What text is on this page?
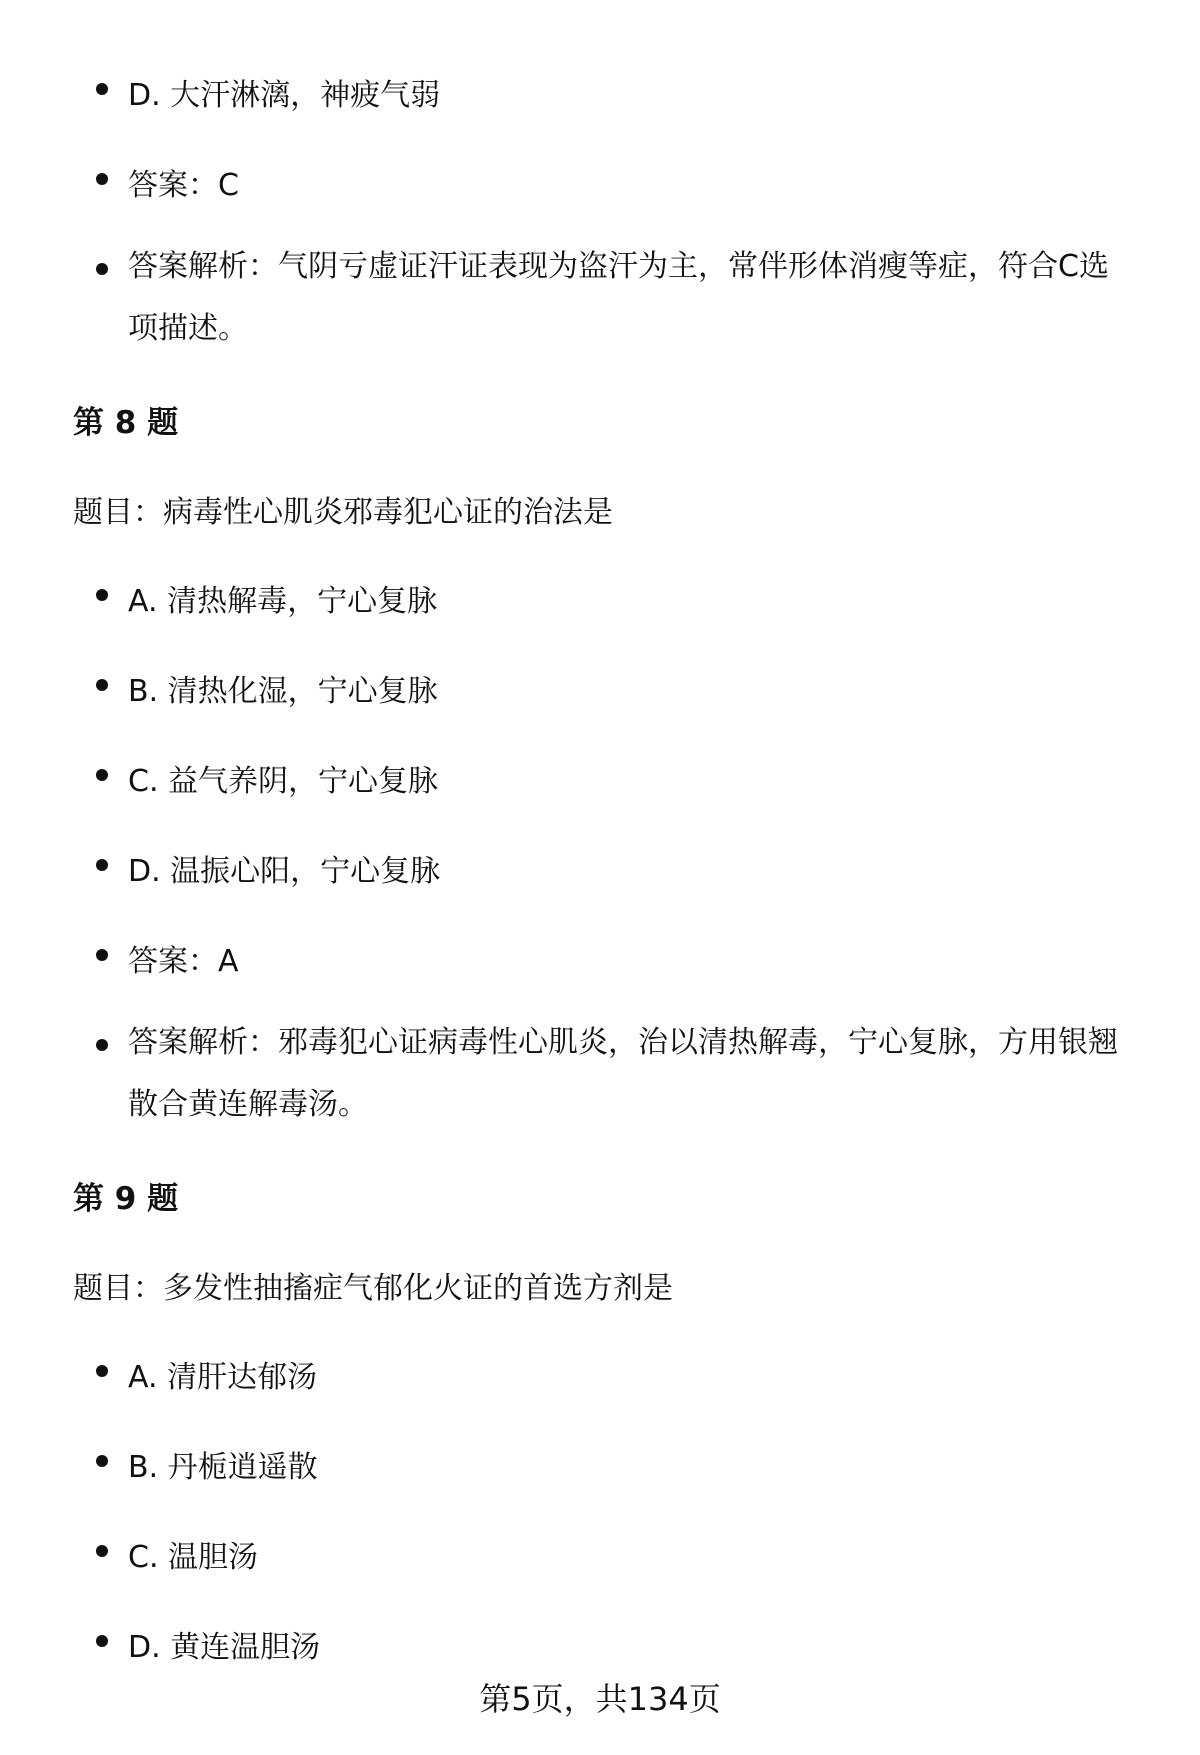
D. 大汗淋漓，神疲气弱
答案：C
答案解析：气阴亏虚证汗证表现为盗汗为主，常伴形体消瘦等症，符合C选项描述。
第 8 题
题目：病毒性心肌炎邪毒犯心证的治法是
A. 清热解毒，宁心复脉
B. 清热化湿，宁心复脉
C. 益气养阴，宁心复脉
D. 温振心阳，宁心复脉
答案：A
答案解析：邪毒犯心证病毒性心肌炎，治以清热解毒，宁心复脉，方用银翘散合黄连解毒汤。
第 9 题
题目：多发性抽搐症气郁化火证的首选方剂是
A. 清肝达郁汤
B. 丹栀逍遥散
C. 温胆汤
D. 黄连温胆汤
第5页，共134页
